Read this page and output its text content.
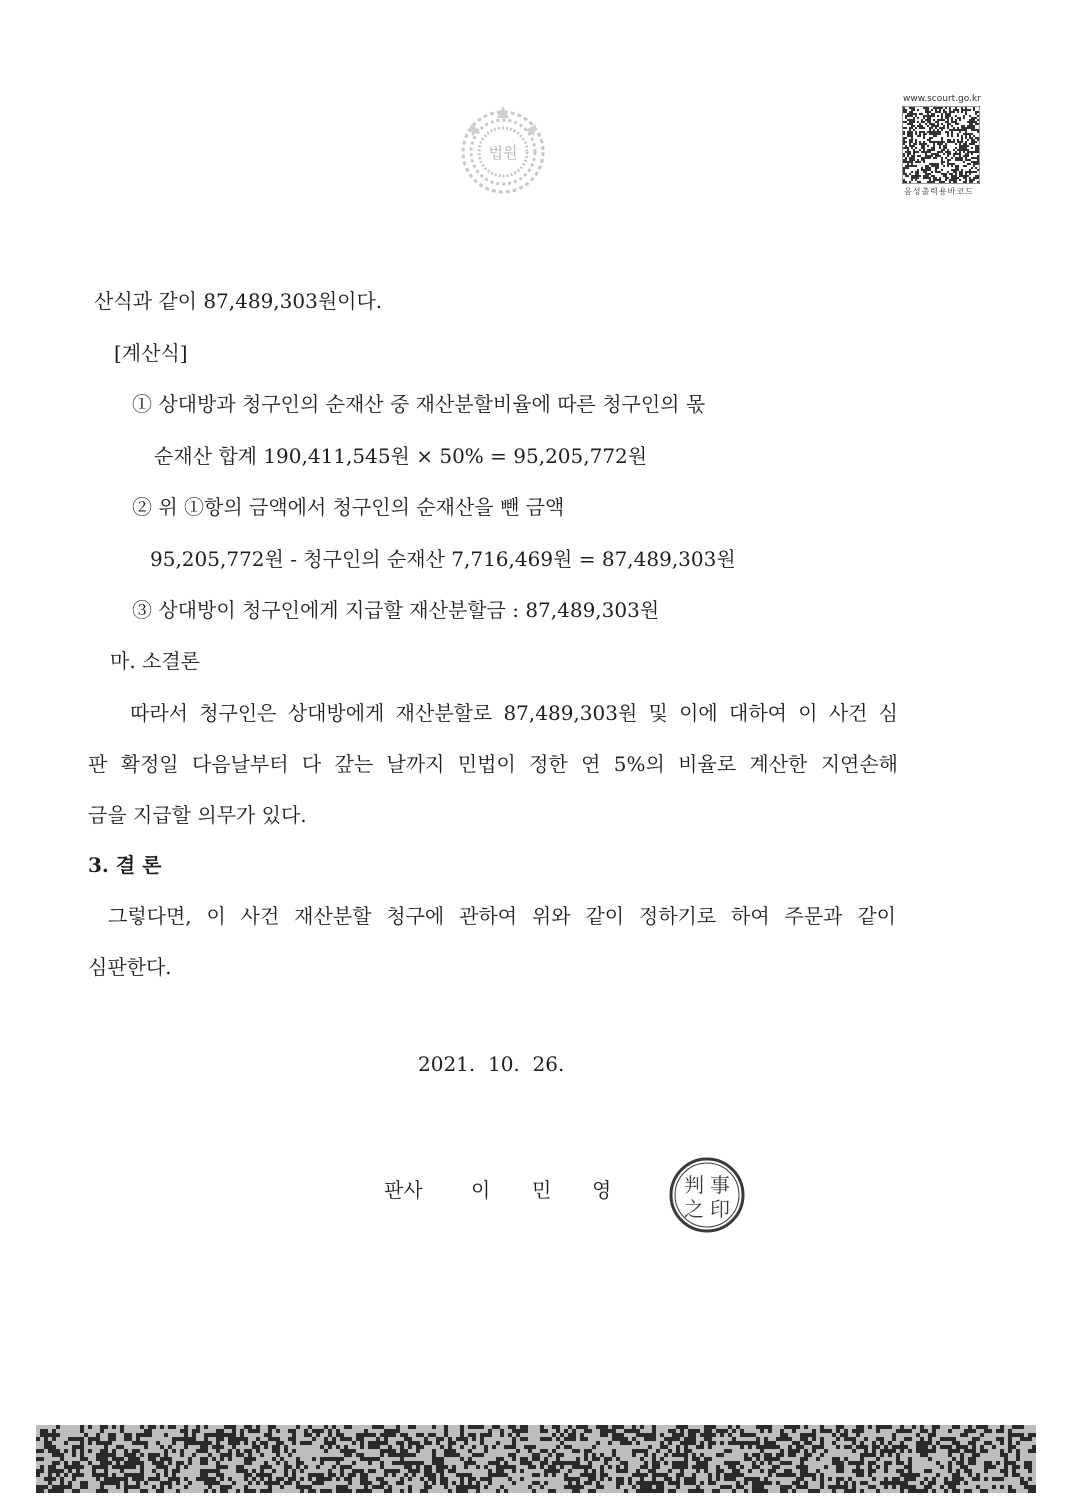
법원
www.scourt.go.kr
음성출력용바코드
산식과 같이 87,489,303원이다.
[계산식]
① 상대방과 청구인의 순재산 중 재산분할비율에 따른 청구인의 몫
순재산 합계 190,411,545원 × 50% = 95,205,772원
② 위 ①항의 금액에서 청구인의 순재산을 뺀 금액
95,205,772원 - 청구인의 순재산 7,716,469원 = 87,489,303원
③ 상대방이 청구인에게 지급할 재산분할금 : 87,489,303원
마. 소결론
따라서 청구인은 상대방에게 재산분할로 87,489,303원 및 이에 대하여 이 사건 심
판 확정일 다음날부터 다 갚는 날까지 민법이 정한 연 5%의 비율로 계산한 지연손해
금을 지급할 의무가 있다.
3. 결 론
그렇다면, 이 사건 재산분할 청구에 관하여 위와 같이 정하기로 하여 주문과 같이
심판한다.
2021.  10.  26.
판사 이 민 영	判 事
之 印
